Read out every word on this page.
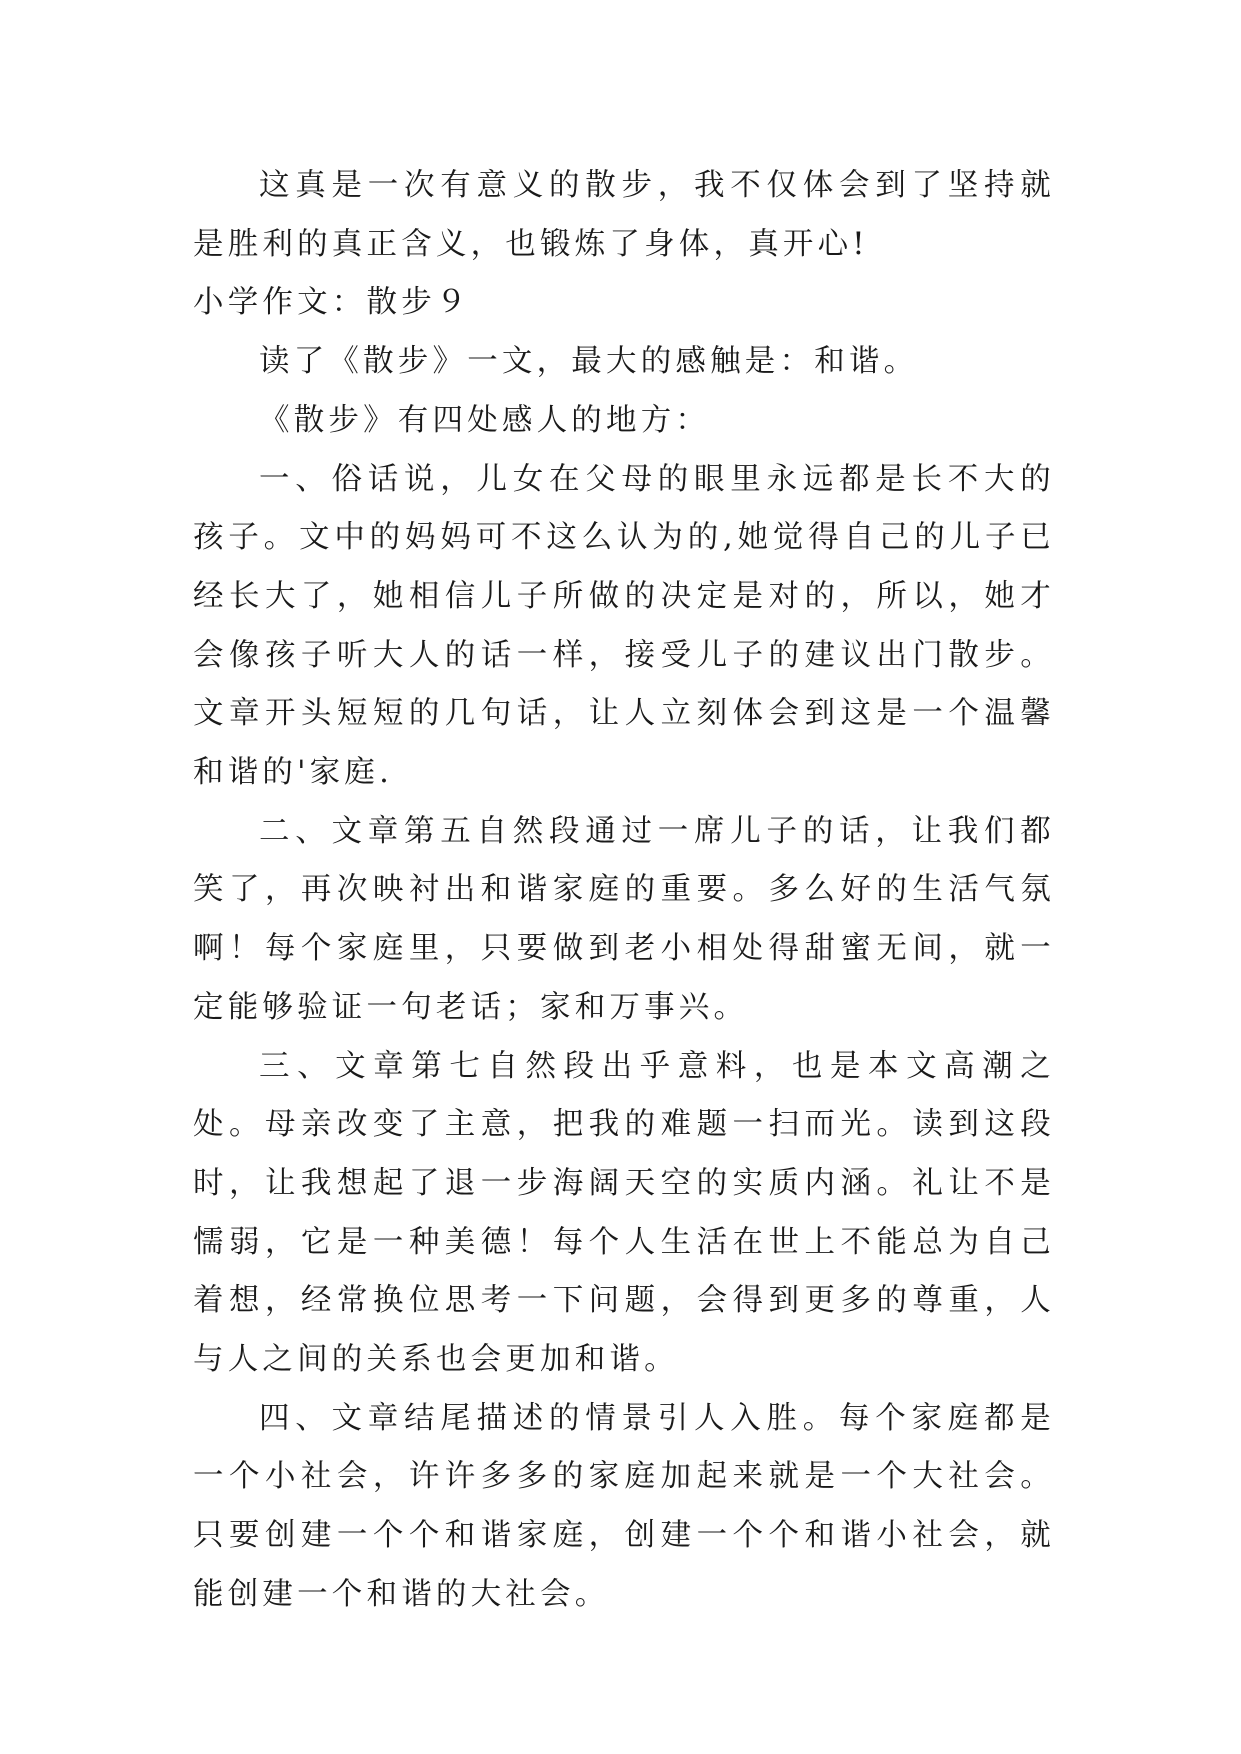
这真是一次有意义的散步，我不仅体会到了坚持就是胜利的真正含义，也锻炼了身体，真开心!

小学作文：散步９

读了《散步》一文，最大的感触是：和谐。

《散步》有四处感人的地方：

一、俗话说，儿女在父母的眼里永远都是长不大的孩子。文中的妈妈可不这么认为的,她觉得自己的儿子已经长大了，她相信儿子所做的决定是对的，所以，她才会像孩子听大人的话一样，接受儿子的建议出门散步。文章开头短短的几句话，让人立刻体会到这是一个温馨和谐的'家庭.

二、文章第五自然段通过一席儿子的话，让我们都笑了，再次映衬出和谐家庭的重要。多么好的生活气氛啊！每个家庭里，只要做到老小相处得甜蜜无间，就一定能够验证一句老话；家和万事兴。

三、文章第七自然段出乎意料，也是本文高潮之处。母亲改变了主意，把我的难题一扫而光。读到这段时，让我想起了退一步海阔天空的实质内涵。礼让不是懦弱，它是一种美德！每个人生活在世上不能总为自己着想，经常换位思考一下问题，会得到更多的尊重，人与人之间的关系也会更加和谐。

四、文章结尾描述的情景引人入胜。每个家庭都是一个小社会，许许多多的家庭加起来就是一个大社会。只要创建一个个和谐家庭，创建一个个和谐小社会，就能创建一个和谐的大社会。
